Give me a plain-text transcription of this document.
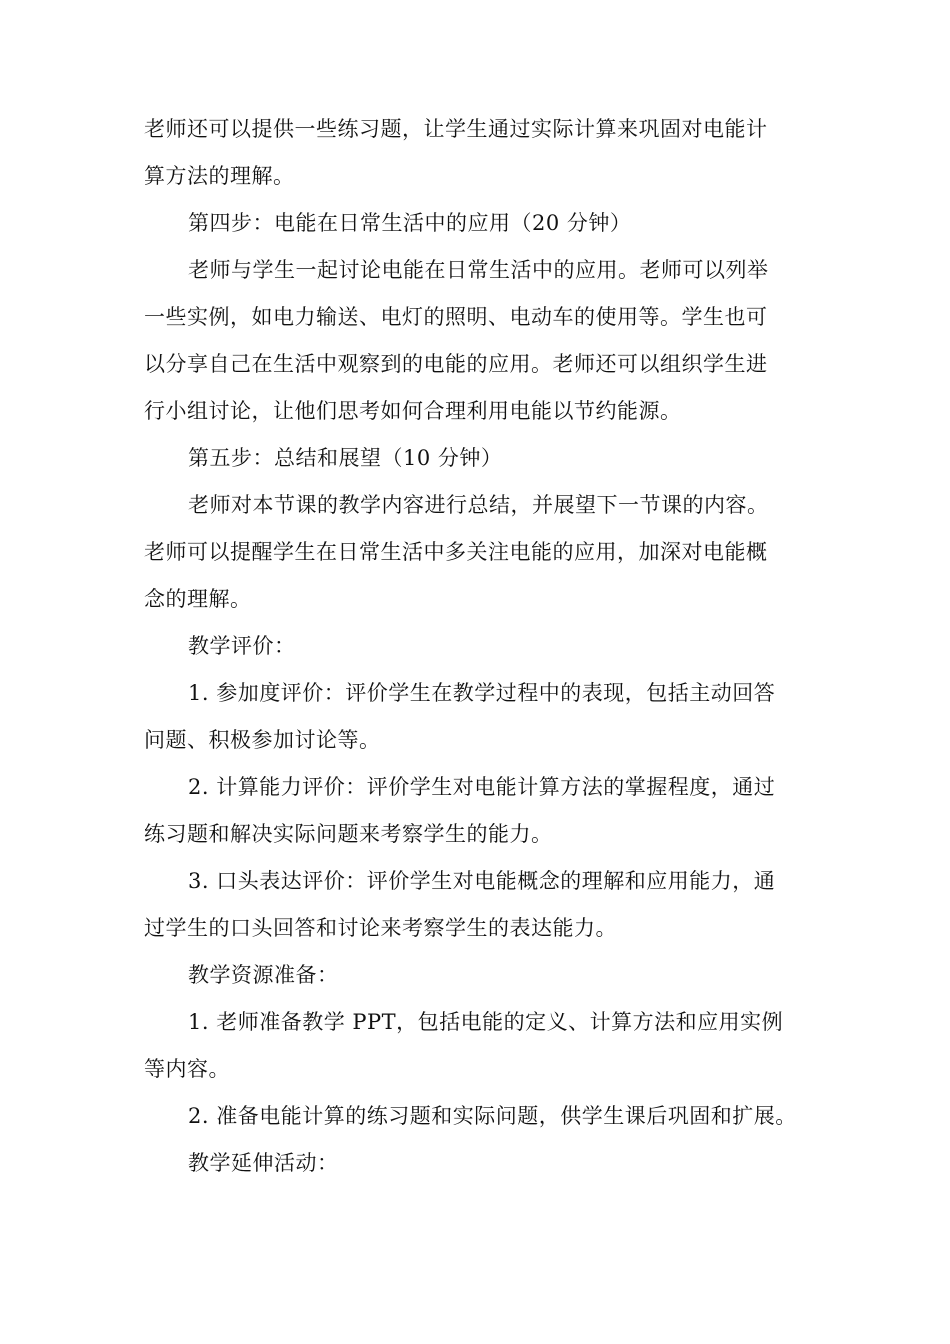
老师还可以提供一些练习题，让学生通过实际计算来巩固对电能计
算方法的理解。
第四步：电能在日常生活中的应用（20 分钟）
老师与学生一起讨论电能在日常生活中的应用。老师可以列举
一些实例，如电力输送、电灯的照明、电动车的使用等。学生也可
以分享自己在生活中观察到的电能的应用。老师还可以组织学生进
行小组讨论，让他们思考如何合理利用电能以节约能源。
第五步：总结和展望（10 分钟）
老师对本节课的教学内容进行总结，并展望下一节课的内容。
老师可以提醒学生在日常生活中多关注电能的应用，加深对电能概
念的理解。
教学评价：
1. 参加度评价：评价学生在教学过程中的表现，包括主动回答
问题、积极参加讨论等。
2. 计算能力评价：评价学生对电能计算方法的掌握程度，通过
练习题和解决实际问题来考察学生的能力。
3. 口头表达评价：评价学生对电能概念的理解和应用能力，通
过学生的口头回答和讨论来考察学生的表达能力。
教学资源准备：
1. 老师准备教学 PPT，包括电能的定义、计算方法和应用实例
等内容。
2. 准备电能计算的练习题和实际问题，供学生课后巩固和扩展。
教学延伸活动：
